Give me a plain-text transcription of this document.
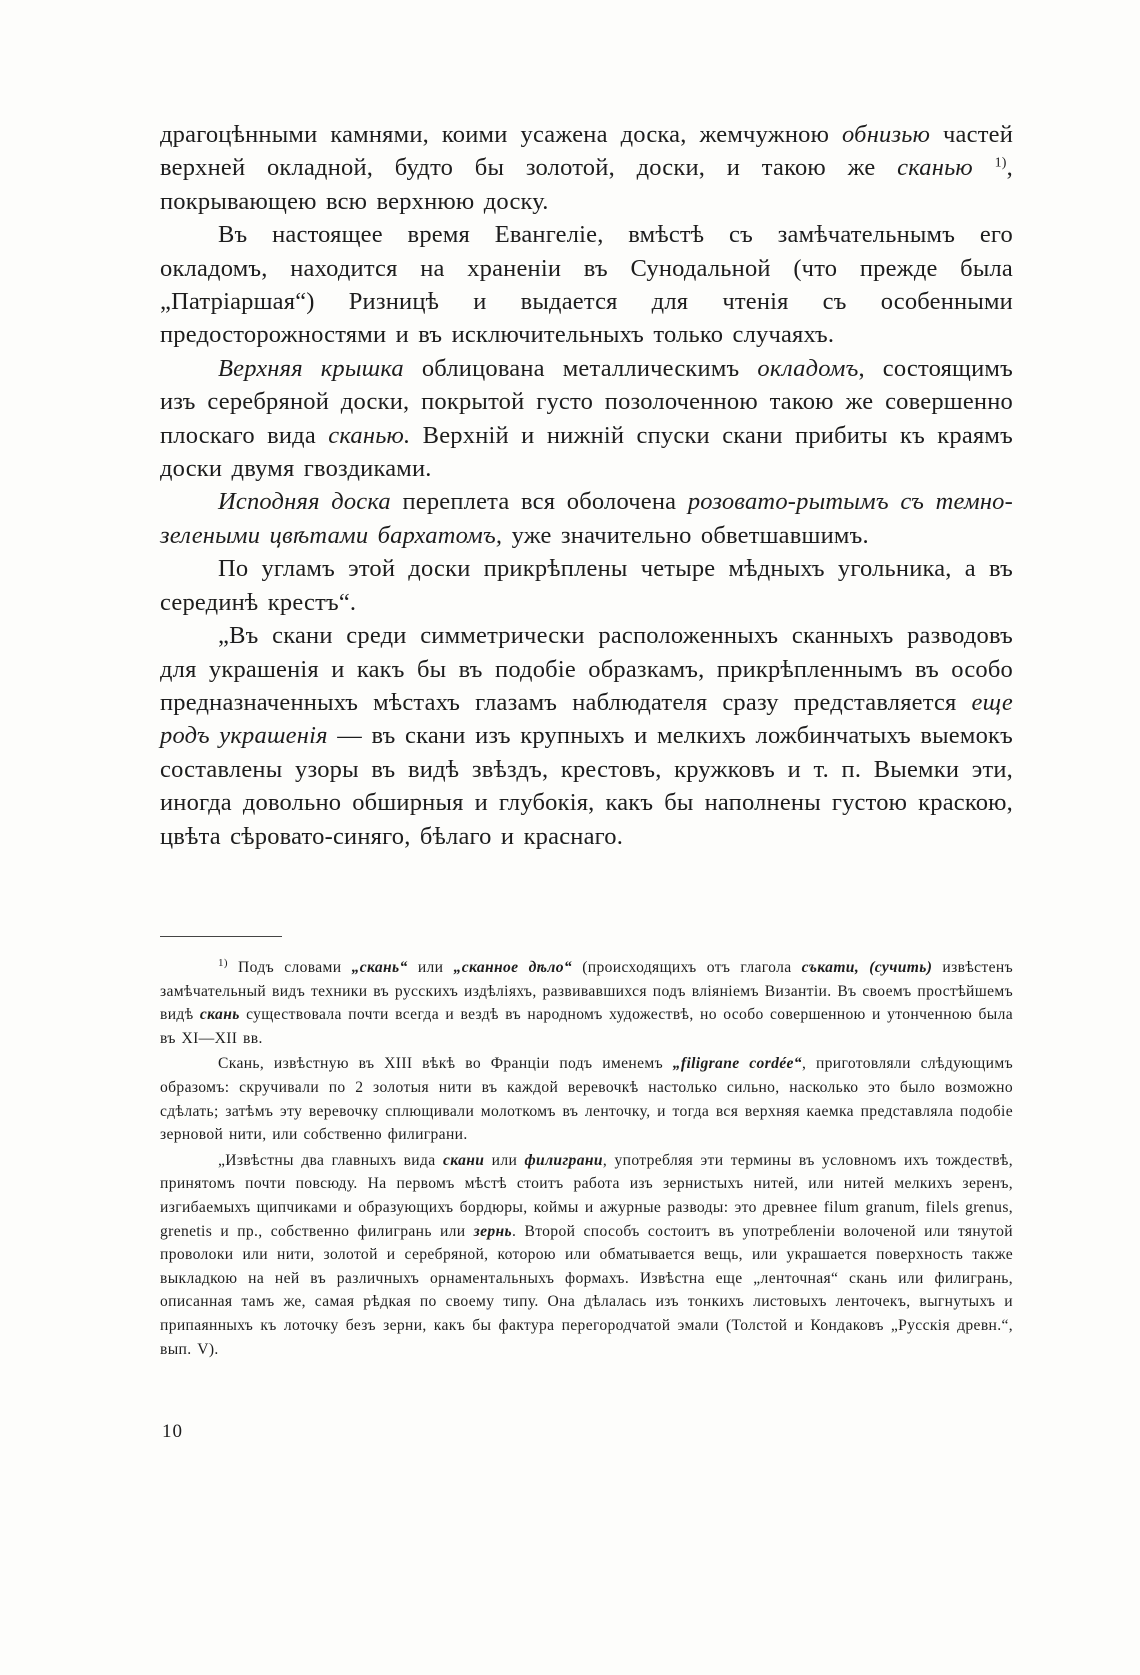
драгоцѣнными камнями, коими усажена доска, жемчужною обнизью частей верхней окладной, будто бы золотой, доски, и такою же сканью $^{1)}$, покрывающею всю верхнюю доску.

Въ настоящее время Евангеліе, вмѣстѣ съ замѣчательнымъ его окладомъ, находится на храненіи въ Сунодальной (что прежде была „Патріаршая“) Ризницѣ и выдается для чтенія съ особенными предосторожностями и въ исключительныхъ только случаяхъ.

Верхняя крышка облицована металлическимъ окладомъ, состоящимъ изъ серебряной доски, покрытой густо позолоченною такою же совершенно плоскаго вида сканью. Верхній и нижній спуски скани прибиты къ краямъ доски двумя гвоздиками.

Исподняя доска переплета вся оболочена розовато-рытымъ съ темно-зелеными цвѣтами бархатомъ, уже значительно обветшавшимъ.

По угламъ этой доски прикрѣплены четыре мѣдныхъ угольника, а въ серединѣ крестъ“.

„Въ скани среди симметрически расположенныхъ сканныхъ разводовъ для украшенія и какъ бы въ подобіе образкамъ, прикрѣпленнымъ въ особо предназначенныхъ мѣстахъ глазамъ наблюдателя сразу представляется еще родъ украшенія — въ скани изъ крупныхъ и мелкихъ ложбинчатыхъ выемокъ составлены узоры въ видѣ звѣздъ, крестовъ, кружковъ и т. п. Выемки эти, иногда довольно обширныя и глубокія, какъ бы наполнены густою краскою, цвѣта сѣровато-синяго, бѣлаго и краснаго.

$^{1)}$ Подъ словами „скань“ или „сканное дѣло“ (происходящихъ отъ глагола съкати, (сучить) извѣстенъ замѣчательный видъ техники въ русскихъ издѣліяхъ, развивавшихся подъ вліяніемъ Византіи. Въ своемъ простѣйшемъ видѣ скань существовала почти всегда и вездѣ въ народномъ художествѣ, но особо совершенною и утонченною была въ XI—XII вв.

Скань, извѣстную въ XIII вѣкѣ во Франціи подъ именемъ „filigrane cordée“, приготовляли слѣдующимъ образомъ: скручивали по 2 золотыя нити въ каждой веревочкѣ настолько сильно, насколько это было возможно сдѣлать; затѣмъ эту веревочку сплющивали молоткомъ въ ленточку, и тогда вся верхняя каемка представляла подобіе зерновой нити, или собственно филиграни.

„Извѣстны два главныхъ вида скани или филиграни, употребляя эти термины въ условномъ ихъ тождествѣ, принятомъ почти повсюду. На первомъ мѣстѣ стоитъ работа изъ зернистыхъ нитей, или нитей мелкихъ зеренъ, изгибаемыхъ щипчиками и образующихъ бордюры, коймы и ажурные разводы: это древнее filum granum, filels grenus, grenetis и пр., собственно филигрань или зернь. Второй способъ состоитъ въ употребленіи волоченой или тянутой проволоки или нити, золотой и серебряной, которою или обматывается вещь, или украшается поверхность также выкладкою на ней въ различныхъ орнаментальныхъ формахъ. Извѣстна еще „ленточная“ скань или филигрань, описанная тамъ же, самая рѣдкая по своему типу. Она дѣлалась изъ тонкихъ листовыхъ ленточекъ, выгнутыхъ и припаянныхъ къ лоточку безъ зерни, какъ бы фактура перегородчатой эмали (Толстой и Кондаковъ „Русскія древн.“, вып. V).

10
